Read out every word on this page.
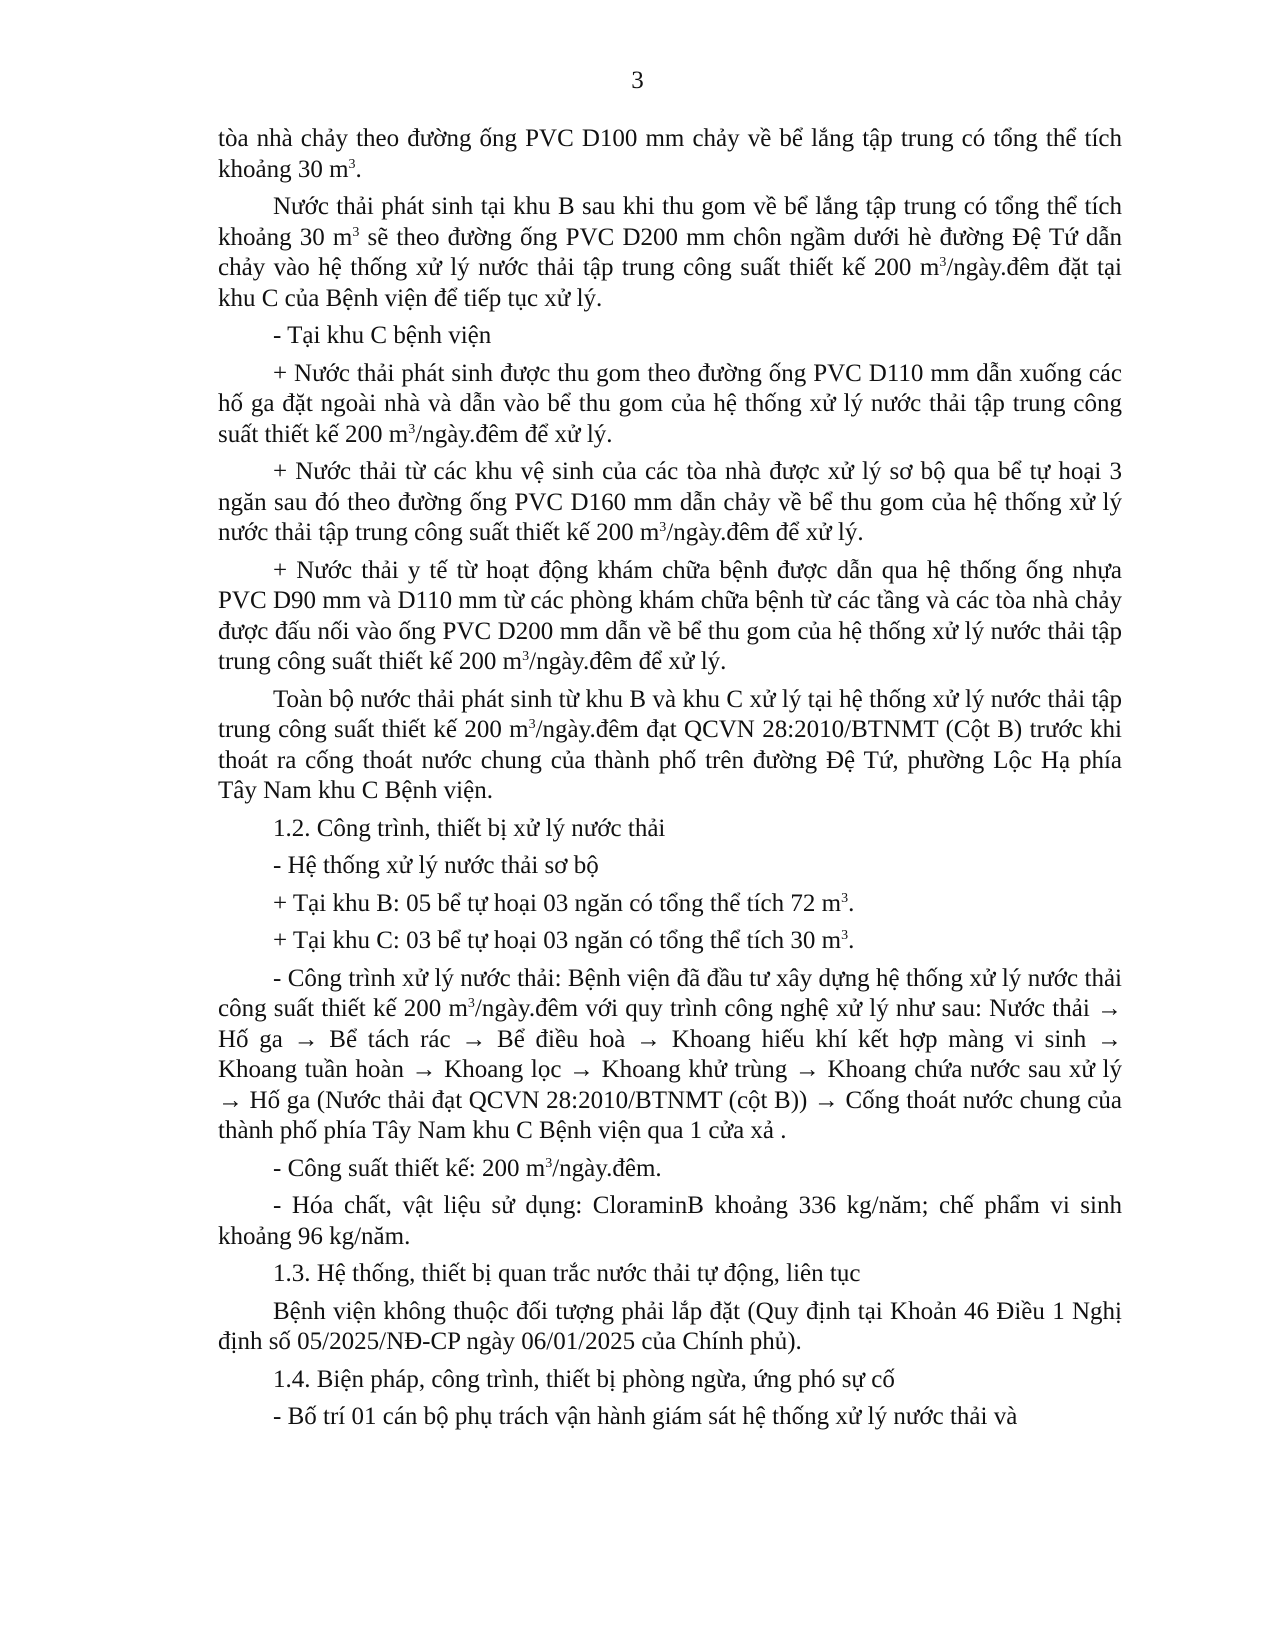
3

tòa nhà chảy theo đường ống PVC D100 mm chảy về bể lắng tập trung có tổng thể tích khoảng 30 $m^3$.

Nước thải phát sinh tại khu B sau khi thu gom về bể lắng tập trung có tổng thể tích khoảng 30 $m^3$ sẽ theo đường ống PVC D200 mm chôn ngầm dưới hè đường Đệ Tứ dẫn chảy vào hệ thống xử lý nước thải tập trung công suất thiết kế 200 $m^3/ngày.đêm$ đặt tại khu C của Bệnh viện để tiếp tục xử lý.

- Tại khu C bệnh viện

+ Nước thải phát sinh được thu gom theo đường ống PVC D110 mm dẫn xuống các hố ga đặt ngoài nhà và dẫn vào bể thu gom của hệ thống xử lý nước thải tập trung công suất thiết kế 200 $m^3/ngày.đêm$ để xử lý.

+ Nước thải từ các khu vệ sinh của các tòa nhà được xử lý sơ bộ qua bể tự hoại 3 ngăn sau đó theo đường ống PVC D160 mm dẫn chảy về bể thu gom của hệ thống xử lý nước thải tập trung công suất thiết kế 200 $m^3/ngày.đêm$ để xử lý.

+ Nước thải y tế từ hoạt động khám chữa bệnh được dẫn qua hệ thống ống nhựa PVC D90 mm và D110 mm từ các phòng khám chữa bệnh từ các tầng và các tòa nhà chảy được đấu nối vào ống PVC D200 mm dẫn về bể thu gom của hệ thống xử lý nước thải tập trung công suất thiết kế 200 $m^3/ngày.đêm$ để xử lý.

Toàn bộ nước thải phát sinh từ khu B và khu C xử lý tại hệ thống xử lý nước thải tập trung công suất thiết kế 200 $m^3/ngày.đêm$ đạt QCVN 28:2010/BTNMT (Cột B) trước khi thoát ra cống thoát nước chung của thành phố trên đường Đệ Tứ, phường Lộc Hạ phía Tây Nam khu C Bệnh viện.

1.2. Công trình, thiết bị xử lý nước thải

- Hệ thống xử lý nước thải sơ bộ

+ Tại khu B: 05 bể tự hoại 03 ngăn có tổng thể tích 72 $m^3$.

+ Tại khu C: 03 bể tự hoại 03 ngăn có tổng thể tích 30 $m^3$.

- Công trình xử lý nước thải: Bệnh viện đã đầu tư xây dựng hệ thống xử lý nước thải công suất thiết kế 200 $m^3/ngày.đêm$ với quy trình công nghệ xử lý như sau: Nước thải → Hố ga → Bể tách rác → Bể điều hoà → Khoang hiếu khí kết hợp màng vi sinh → Khoang tuần hoàn → Khoang lọc → Khoang khử trùng → Khoang chứa nước sau xử lý → Hố ga (Nước thải đạt QCVN 28:2010/BTNMT (cột B)) → Cống thoát nước chung của thành phố phía Tây Nam khu C Bệnh viện qua 1 cửa xả .

- Công suất thiết kế: 200 $m^3/ngày.đêm$.

- Hóa chất, vật liệu sử dụng: CloraminB khoảng 336 kg/năm; chế phẩm vi sinh khoảng 96 kg/năm.

1.3. Hệ thống, thiết bị quan trắc nước thải tự động, liên tục

Bệnh viện không thuộc đối tượng phải lắp đặt (Quy định tại Khoản 46 Điều 1 Nghị định số 05/2025/NĐ-CP ngày 06/01/2025 của Chính phủ).

1.4. Biện pháp, công trình, thiết bị phòng ngừa, ứng phó sự cố

- Bố trí 01 cán bộ phụ trách vận hành giám sát hệ thống xử lý nước thải và
